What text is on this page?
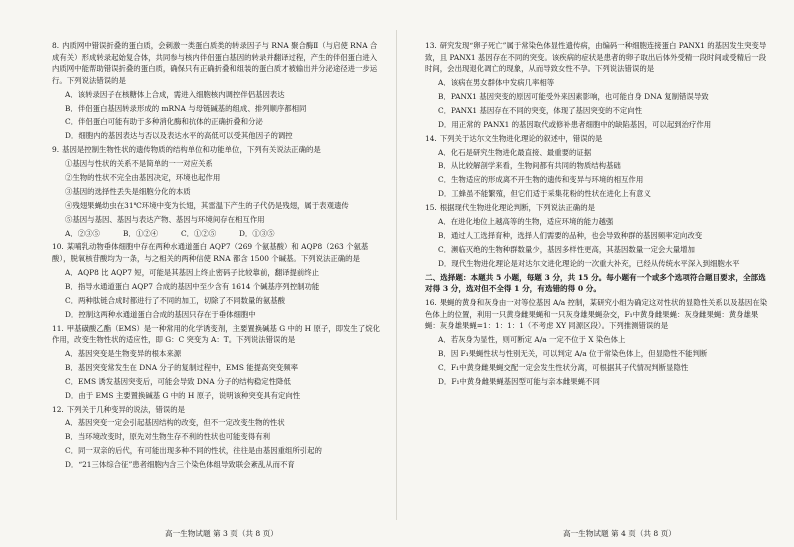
8. 内质网中错误折叠的蛋白质，会刺激一类蛋白质类的转录因子与 RNA 聚合酶Ⅱ（与启使 RNA 合成有关）形成转录起始复合体，共同参与核内伴侣蛋白基因的转录并翻译过程，产生的伴侣蛋白进入内质网中能帮助错误折叠的蛋白质，确保只有正确折叠和组装的蛋白质才被输出并分泌途径进一步运行。下列说法错误的是

A．该转录因子在核糖体上合成，需进入细胞核内调控伴侣基因表达

B．伴侣蛋白基因转录形成的 mRNA 与母链碱基的组成、排列顺序都相同

C．伴侣蛋白可能有助于多种消化酶和抗体的正确折叠和分泌

D．细胞内的基因表达与否以及表达水平的高低可以受其他因子的调控

9. 基因是控制生物性状的遗传物质的结构单位和功能单位，下列有关说法正确的是

①基因与性状的关系不是简单的一一对应关系

②生物的性状不完全由基因决定，环境也起作用

③基因的选择性丢失是细胞分化的本质

④残翅果蝇幼虫在31℃环境中变为长翅，其雷温下产生的子代仍是残翅，属于表观遗传

⑤基因与基因、基因与表达产物、基因与环境间存在相互作用

A．②③⑤	B．①②④	C．①②⑤	D．①③⑤

10. 某哺乳动物垂体细胞中存在两种水通道蛋白 AQP7（269 个氨基酸）和 AQP8（263 个氨基酸），脱氧核苷酸均为一条，与之相关的两种信使 RNA 都含 1500 个碱基。下列说法正确的是

A．AQP8 比 AQP7 短，可能是其基因上终止密码子比较靠前，翻译提前终止

B．指导水通道蛋白 AQP7 合成的基因中至少含有 1614 个碱基序列控制功能

C．两种肽链合成时都进行了不同的加工，切除了不同数量的氨基酸

D．控制这两种水通道蛋白合成的基因只存在于垂体细胞中

11. 甲基磺酸乙酯（EMS）是一种常用的化学诱变剂，主要置换碱基 G 中的 H 原子，即发生了烷化作用，改变生物性状的适应性，即 G：C 突变为 A：T。下列说法错误的是

A．基因突变是生物变异的根本来源

B．基因突变常发生在 DNA 分子的复制过程中，EMS 能提高突变频率

C．EMS 诱发基因突变后，可能会导致 DNA 分子的结构稳定性降低

D．由于 EMS 主要置换碱基 G 中的 H 原子，说明该种突变具有定向性

12. 下列关于几种变异的说法，错误的是

A．基因突变一定会引起基因结构的改变，但不一定改变生物的性状

B．当环境改变时，原先对生物生存不利的性状也可能变得有利

C．同一双亲的后代，有可能出现多种不同的性状，往往是由基因重组所引起的

D．“21三体综合征”患者细胞内含三个染色体组导致联会紊乱从而不育

高一生物试题 第 3 页（共 8 页）

13. 研究发现“卵子死亡”属于常染色体显性遗传病，由编码一种细胞连接蛋白 PANX1 的基因发生突变导致，且 PANX1 基因存在不同的突变。该疾病的症状是患者的卵子取出后体外受精一段时间或受精后一段时间，会出现退化凋亡的现象，从而导致女性不孕。下列说法错误的是

A．该病在男女群体中发病几率相等

B．PANX1 基因突变的原因可能受外来因素影响，也可能自身 DNA 复制错误导致

C．PANX1 基因存在不同的突变，体现了基因突变的不定向性

D．用正常的 PANX1 的基因取代或修补患者细胞中的缺陷基因，可以起到治疗作用

14. 下列关于达尔文生物进化理论的叙述中，错误的是

A．化石是研究生物进化最直接、最重要的证据

B．从比较解剖学来看，生物间都有共同的物质结构基础

C．生物适应的形成离不开生物的遗传和变异与环境的相互作用

D．工蜂虽不能繁殖，但它们适于采集花粉的性状在进化上有意义

15. 根据现代生物进化理论判断，下列说法正确的是

A．在进化地位上越高等的生物，适应环境的能力越强

B．通过人工选择育种，选择人们需要的品种，也会导致种群的基因频率定向改变

C．濒临灭绝的生物种群数量少，基因多样性更高，其基因数量一定会大量增加

D．现代生物进化理论是对达尔文进化理论的一次重大补充，已经从传统水平深入到细胞水平

二、选择题：本题共 5 小题，每题 3 分，共 15 分。每小题有一个或多个选项符合题目要求，全部选对得 3 分，选对但不全得 1 分，有选错的得 0 分。

16. 果蝇的黄身和灰身由一对等位基因 A/a 控制，某研究小组为确定这对性状的显隐性关系以及基因在染色体上的位置，利用一只黄身雌果蝇和一只灰身雄果蝇杂交，F₁中黄身雌果蝇：灰身雌果蝇：黄身雄果蝇：灰身雄果蝇=1：1：1：1（不考虑 XY 同源区段）。下列推测错误的是

A．若灰身为显性，则可断定 A/a 一定不位于 X 染色体上

B．因 F₁果蝇性状与性别无关，可以判定 A/a 位于常染色体上，但显隐性不能判断

C．F₁中黄身雌果蝇交配一定会发生性状分离，可根据其子代情况判断显隐性

D．F₁中黄身雌果蝇基因型可能与亲本雌果蝇不同

高一生物试题 第 4 页（共 8 页）
